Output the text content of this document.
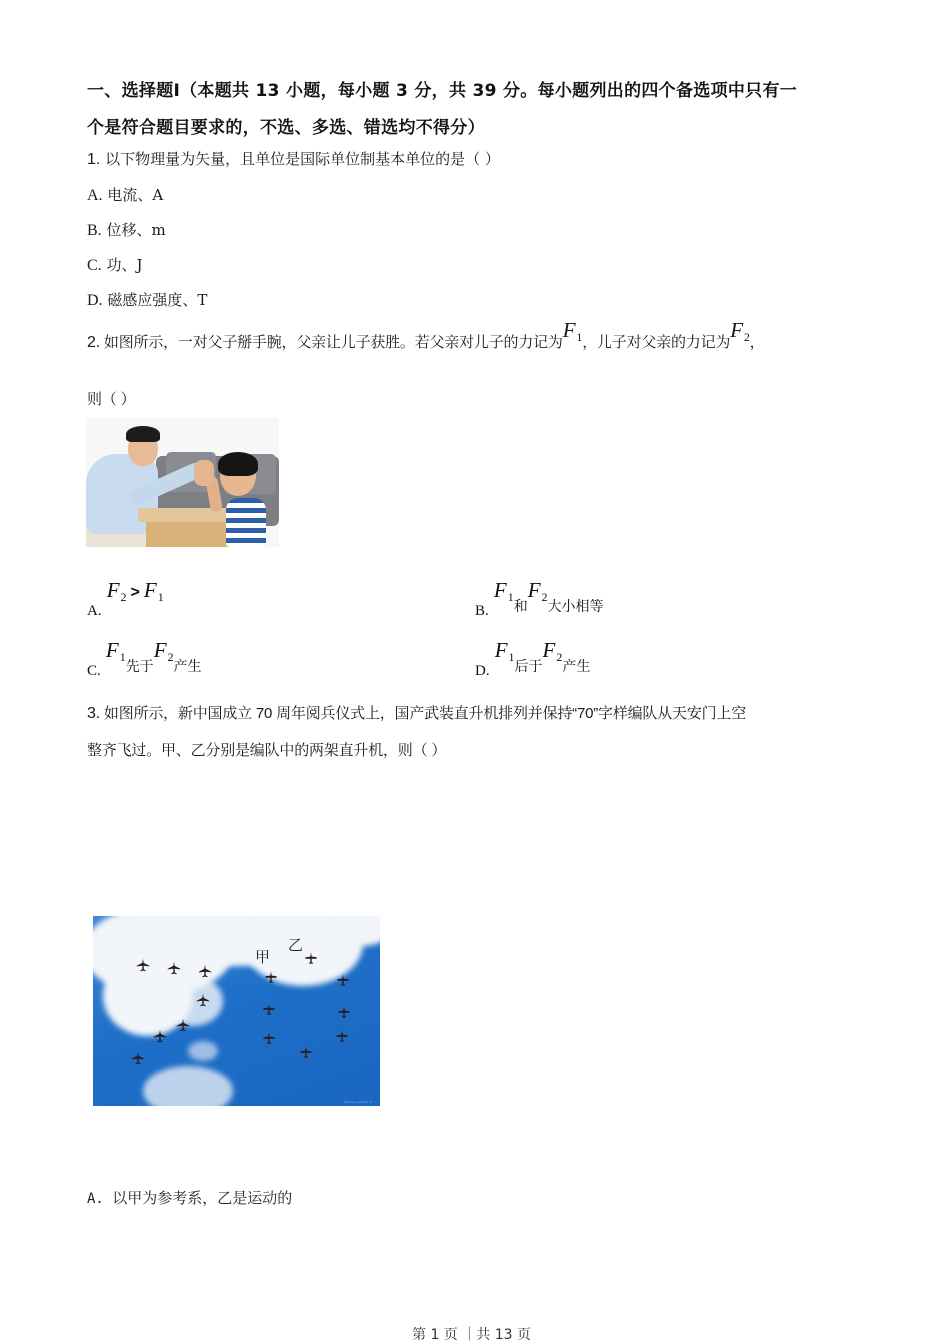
一、选择题Ⅰ（本题共 13 小题，每小题 3 分，共 39 分。每小题列出的四个备选项中只有一
个是符合题目要求的，不选、多选、错选均不得分）
1. 以下物理量为矢量，且单位是国际单位制基本单位的是（ ）
A. 电流、A
B. 位移、m
C. 功、J
D. 磁感应强度、T
2. 如图所示，一对父子掰手腕，父亲让儿子获胜。若父亲对儿子的力记为$F_1$，儿子对父亲的力记为$F_2$，
则（ ）
A. $F_2 > F_1$
B. $F_1$和$F_2$大小相等
C. $F_1$先于$F_2$产生	D. $F_1$后于$F_2$产生
3. 如图所示，新中国成立 70 周年阅兵仪式上，国产武装直升机排列并保持“70”字样编队从天安门上空
整齐飞过。甲、乙分别是编队中的两架直升机，则（ ）
甲
乙
Marina Lystseva © ...
A. 以甲为参考系，乙是运动的
第 1 页 ｜共 13 页
